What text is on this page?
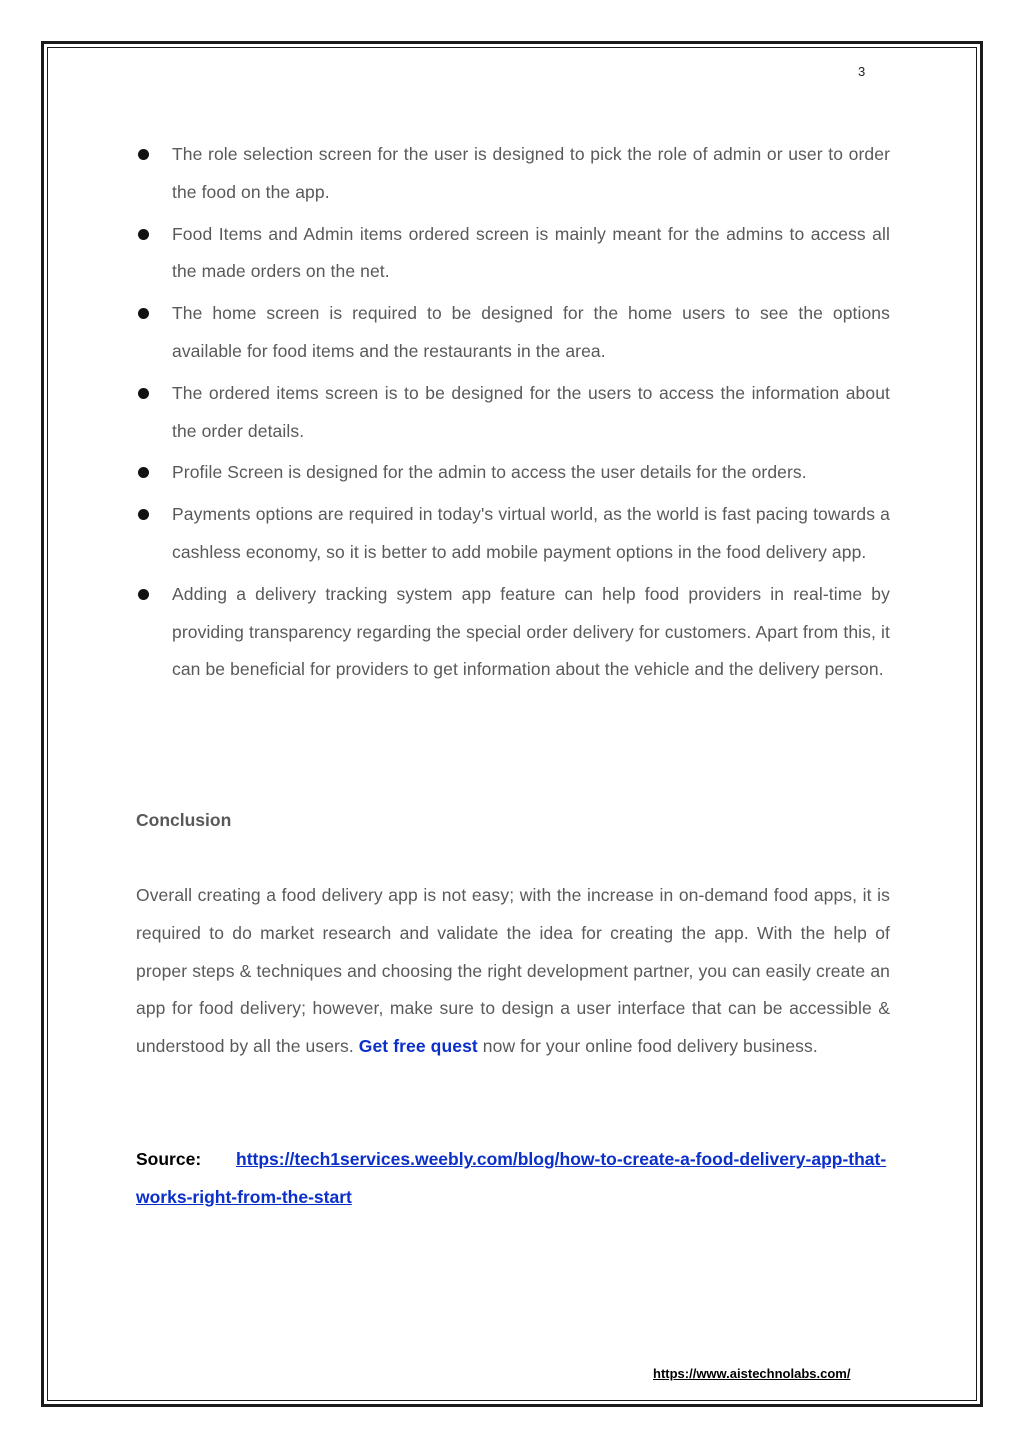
3
The role selection screen for the user is designed to pick the role of admin or user to order the food on the app.
Food Items and Admin items ordered screen is mainly meant for the admins to access all the made orders on the net.
The home screen is required to be designed for the home users to see the options available for food items and the restaurants in the area.
The ordered items screen is to be designed for the users to access the information about the order details.
Profile Screen is designed for the admin to access the user details for the orders.
Payments options are required in today's virtual world, as the world is fast pacing towards a cashless economy, so it is better to add mobile payment options in the food delivery app.
Adding a delivery tracking system app feature can help food providers in real-time by providing transparency regarding the special order delivery for customers. Apart from this, it can be beneficial for providers to get information about the vehicle and the delivery person.
Conclusion

Overall creating a food delivery app is not easy; with the increase in on-demand food apps, it is required to do market research and validate the idea for creating the app. With the help of proper steps & techniques and choosing the right development partner, you can easily create an app for food delivery; however, make sure to design a user interface that can be accessible & understood by all the users. Get free quest now for your online food delivery business.

Source: https://tech1services.weebly.com/blog/how-to-create-a-food-delivery-app-that-works-right-from-the-start

https://www.aistechnolabs.com/
